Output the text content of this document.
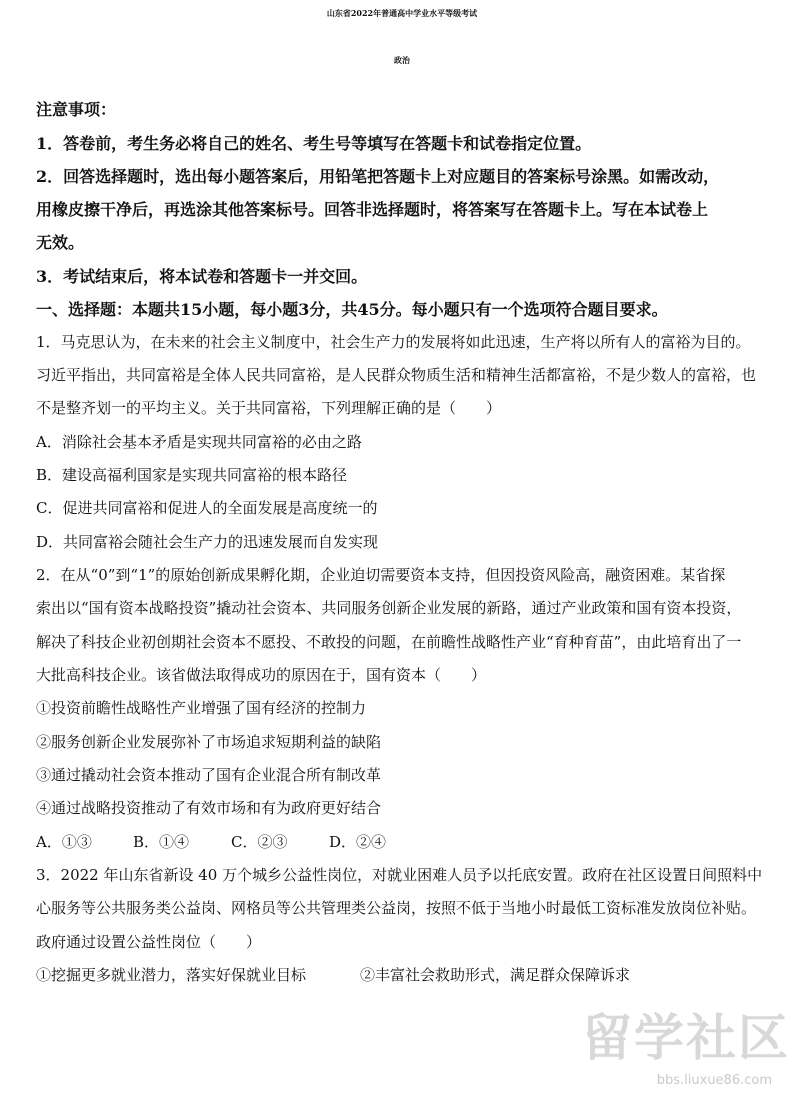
山东省2022年普通高中学业水平等级考试
政治
注意事项：
1．答卷前，考生务必将自己的姓名、考生号等填写在答题卡和试卷指定位置。
2．回答选择题时，选出每小题答案后，用铅笔把答题卡上对应题目的答案标号涂黑。如需改动，
用橡皮擦干净后，再选涂其他答案标号。回答非选择题时，将答案写在答题卡上。写在本试卷上
无效。
3．考试结束后，将本试卷和答题卡一并交回。
一、选择题：本题共15小题，每小题3分，共45分。每小题只有一个选项符合题目要求。
1．马克思认为，在未来的社会主义制度中，社会生产力的发展将如此迅速，生产将以所有人的富裕为目的。
习近平指出，共同富裕是全体人民共同富裕，是人民群众物质生活和精神生活都富裕，不是少数人的富裕，也
不是整齐划一的平均主义。关于共同富裕，下列理解正确的是（　　）
A．消除社会基本矛盾是实现共同富裕的必由之路
B．建设高福利国家是实现共同富裕的根本路径
C．促进共同富裕和促进人的全面发展是高度统一的
D．共同富裕会随社会生产力的迅速发展而自发实现
2．在从“0”到“1”的原始创新成果孵化期，企业迫切需要资本支持，但因投资风险高，融资困难。某省探
索出以“国有资本战略投资”撬动社会资本、共同服务创新企业发展的新路，通过产业政策和国有资本投资，
解决了科技企业初创期社会资本不愿投、不敢投的问题，在前瞻性战略性产业“育种育苗”，由此培育出了一
大批高科技企业。该省做法取得成功的原因在于，国有资本（　　）
①投资前瞻性战略性产业增强了国有经济的控制力
②服务创新企业发展弥补了市场追求短期利益的缺陷
③通过撬动社会资本推动了国有企业混合所有制改革
④通过战略投资推动了有效市场和有为政府更好结合
A．①③	B．①④	C．②③	D．②④
3．2022 年山东省新设 40 万个城乡公益性岗位，对就业困难人员予以托底安置。政府在社区设置日间照料中
心服务等公共服务类公益岗、网格员等公共管理类公益岗，按照不低于当地小时最低工资标准发放岗位补贴。
政府通过设置公益性岗位（　　）
①挖掘更多就业潜力，落实好保就业目标	②丰富社会救助形式，满足群众保障诉求
留学社区
bbs.liuxue86.com
